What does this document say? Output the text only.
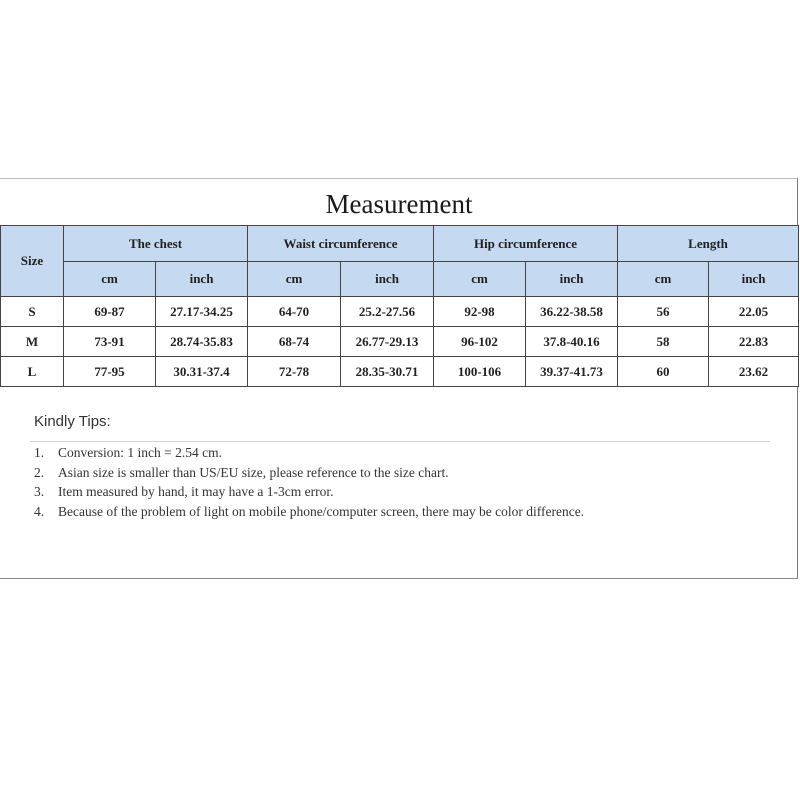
Measurement
Size	The chest		Waist circumference		Hip circumference		Length	
	cm	inch	cm	inch	cm	inch	cm	inch
S	69-87	27.17-34.25	64-70	25.2-27.56	92-98	36.22-38.58	56	22.05
M	73-91	28.74-35.83	68-74	26.77-29.13	96-102	37.8-40.16	58	22.83
L	77-95	30.31-37.4	72-78	28.35-30.71	100-106	39.37-41.73	60	23.62
Kindly Tips:
1.	Conversion: 1 inch = 2.54 cm.
2.	Asian size is smaller than US/EU size, please reference to the size chart.
3.	Item measured by hand, it may have a 1-3cm error.
4.	Because of the problem of light on mobile phone/computer screen, there may be color difference.
